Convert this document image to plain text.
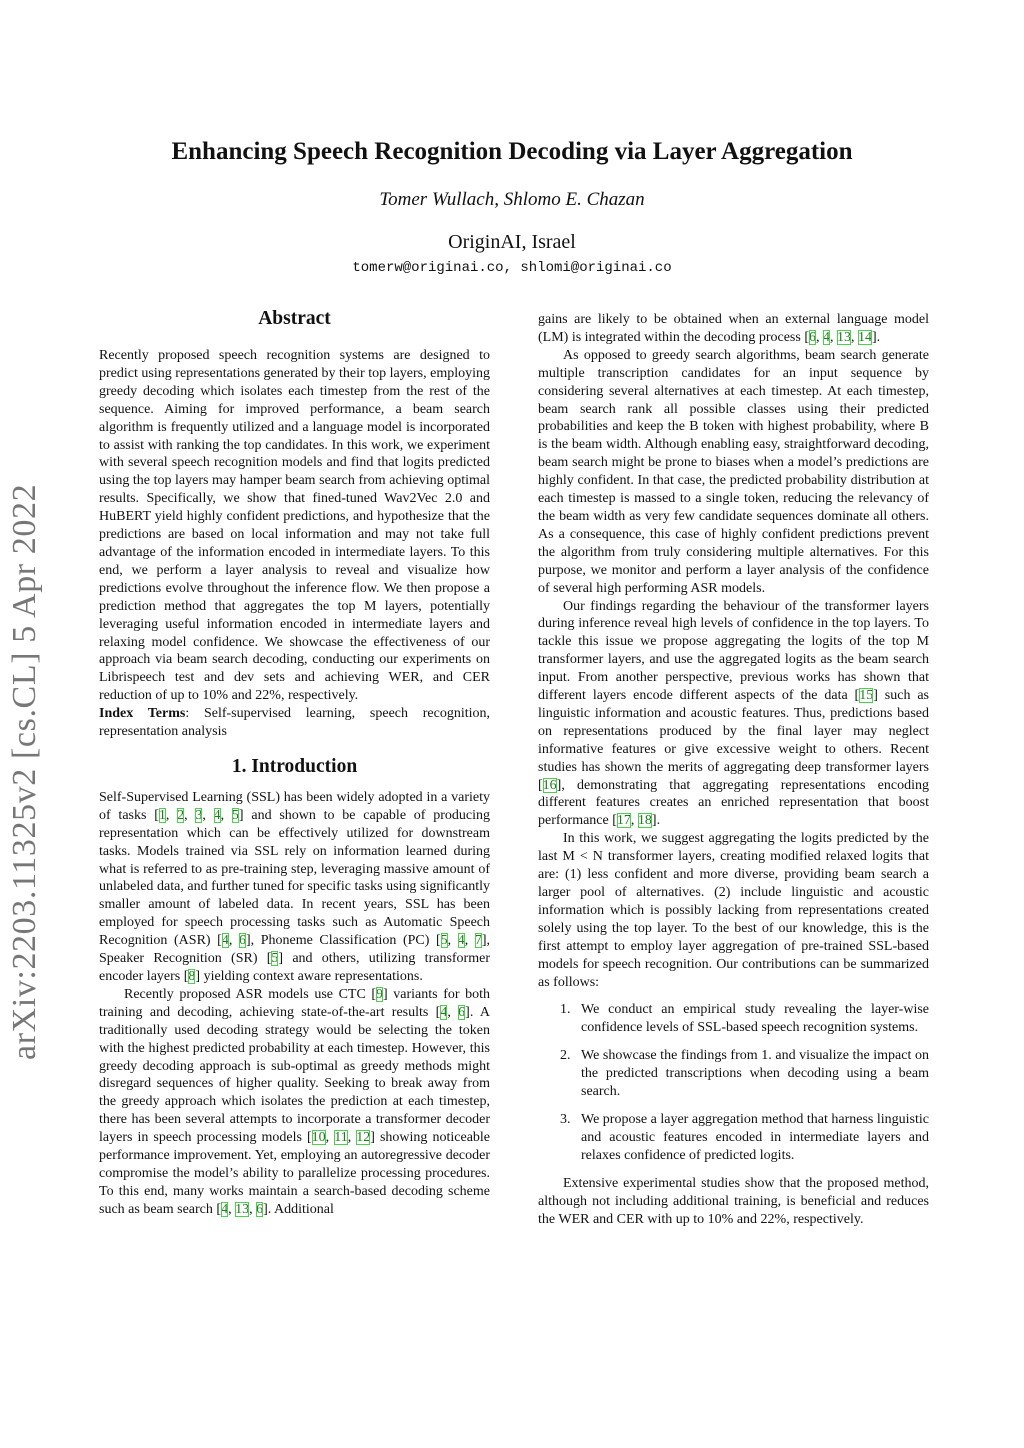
arXiv:2203.11325v2 [cs.CL] 5 Apr 2022
Enhancing Speech Recognition Decoding via Layer Aggregation
Tomer Wullach, Shlomo E. Chazan
OriginAI, Israel
tomerw@originai.co, shlomi@originai.co
Abstract

Recently proposed speech recognition systems are designed to predict using representations generated by their top layers, employing greedy decoding which isolates each timestep from the rest of the sequence. Aiming for improved performance, a beam search algorithm is frequently utilized and a language model is incorporated to assist with ranking the top candidates. In this work, we experiment with several speech recognition models and find that logits predicted using the top layers may hamper beam search from achieving optimal results. Specifically, we show that fined-tuned Wav2Vec 2.0 and HuBERT yield highly confident predictions, and hypothesize that the predictions are based on local information and may not take full advantage of the information encoded in intermediate layers. To this end, we perform a layer analysis to reveal and visualize how predictions evolve throughout the inference flow. We then propose a prediction method that aggregates the top M layers, potentially leveraging useful information encoded in intermediate layers and relaxing model confidence. We showcase the effectiveness of our approach via beam search decoding, conducting our experiments on Librispeech test and dev sets and achieving WER, and CER reduction of up to 10% and 22%, respectively.

Index Terms: Self-supervised learning, speech recognition, representation analysis

1. Introduction

Self-Supervised Learning (SSL) has been widely adopted in a variety of tasks [1, 2, 3, 4, 5] and shown to be capable of producing representation which can be effectively utilized for downstream tasks. Models trained via SSL rely on information learned during what is referred to as pre-training step, leveraging massive amount of unlabeled data, and further tuned for specific tasks using significantly smaller amount of labeled data. In recent years, SSL has been employed for speech processing tasks such as Automatic Speech Recognition (ASR) [4, 6], Phoneme Classification (PC) [5, 4, 7], Speaker Recognition (SR) [5] and others, utilizing transformer encoder layers [8] yielding context aware representations.

Recently proposed ASR models use CTC [9] variants for both training and decoding, achieving state-of-the-art results [4, 6]. A traditionally used decoding strategy would be selecting the token with the highest predicted probability at each timestep. However, this greedy decoding approach is sub-optimal as greedy methods might disregard sequences of higher quality. Seeking to break away from the greedy approach which isolates the prediction at each timestep, there has been several attempts to incorporate a transformer decoder layers in speech processing models [10, 11, 12] showing noticeable performance improvement. Yet, employing an autoregressive decoder compromise the model’s ability to parallelize processing procedures. To this end, many works maintain a search-based decoding scheme such as beam search [4, 13, 6]. Additional

gains are likely to be obtained when an external language model (LM) is integrated within the decoding process [6, 4, 13, 14].

As opposed to greedy search algorithms, beam search generate multiple transcription candidates for an input sequence by considering several alternatives at each timestep. At each timestep, beam search rank all possible classes using their predicted probabilities and keep the B token with highest probability, where B is the beam width. Although enabling easy, straightforward decoding, beam search might be prone to biases when a model’s predictions are highly confident. In that case, the predicted probability distribution at each timestep is massed to a single token, reducing the relevancy of the beam width as very few candidate sequences dominate all others. As a consequence, this case of highly confident predictions prevent the algorithm from truly considering multiple alternatives. For this purpose, we monitor and perform a layer analysis of the confidence of several high performing ASR models.

Our findings regarding the behaviour of the transformer layers during inference reveal high levels of confidence in the top layers. To tackle this issue we propose aggregating the logits of the top M transformer layers, and use the aggregated logits as the beam search input. From another perspective, previous works has shown that different layers encode different aspects of the data [15] such as linguistic information and acoustic features. Thus, predictions based on representations produced by the final layer may neglect informative features or give excessive weight to others. Recent studies has shown the merits of aggregating deep transformer layers [16], demonstrating that aggregating representations encoding different features creates an enriched representation that boost performance [17, 18].

In this work, we suggest aggregating the logits predicted by the last M < N transformer layers, creating modified relaxed logits that are: (1) less confident and more diverse, providing beam search a larger pool of alternatives. (2) include linguistic and acoustic information which is possibly lacking from representations created solely using the top layer. To the best of our knowledge, this is the first attempt to employ layer aggregation of pre-trained SSL-based models for speech recognition. Our contributions can be summarized as follows:

1. We conduct an empirical study revealing the layer-wise confidence levels of SSL-based speech recognition systems.
2. We showcase the findings from 1. and visualize the impact on the predicted transcriptions when decoding using a beam search.
3. We propose a layer aggregation method that harness linguistic and acoustic features encoded in intermediate layers and relaxes confidence of predicted logits.

Extensive experimental studies show that the proposed method, although not including additional training, is beneficial and reduces the WER and CER with up to 10% and 22%, respectively.
